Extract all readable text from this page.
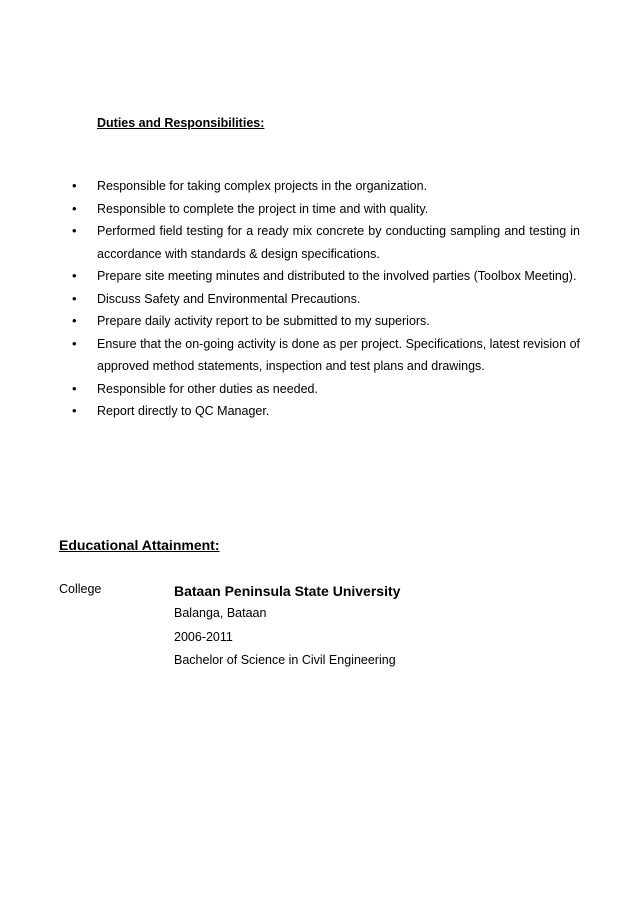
Duties and Responsibilities:
• Responsible for taking complex projects in the organization.
• Responsible to complete the project in time and with quality.
• Performed field testing for a ready mix concrete by conducting sampling and testing in accordance with standards & design specifications.
• Prepare site meeting minutes and distributed to the involved parties (Toolbox Meeting).
• Discuss Safety and Environmental Precautions.
• Prepare daily activity report to be submitted to my superiors.
• Ensure that the on-going activity is done as per project. Specifications, latest revision of approved method statements, inspection and test plans and drawings.
• Responsible for other duties as needed.
• Report directly to QC Manager.
Educational Attainment:
College	Bataan Peninsula State University
Balanga, Bataan
2006-2011
Bachelor of Science in Civil Engineering
